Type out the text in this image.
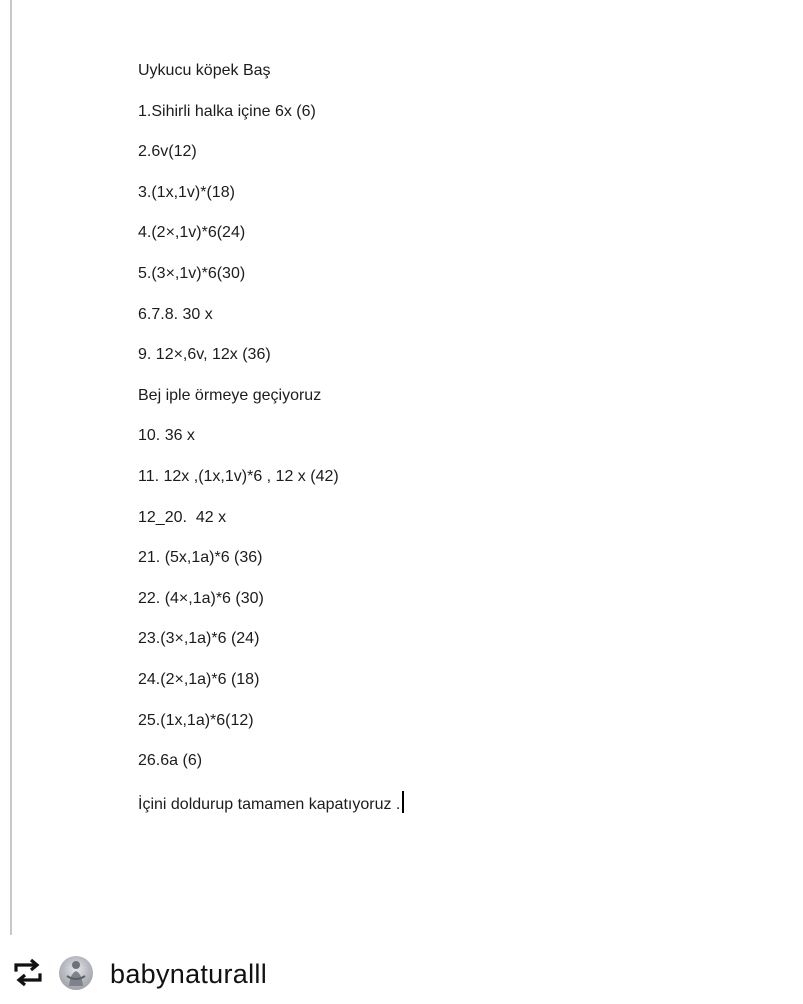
Uykucu köpek Baş
1.Sihirli halka içine 6x (6)
2.6v(12)
3.(1x,1v)*(18)
4.(2×,1v)*6(24)
5.(3×,1v)*6(30)
6.7.8. 30 x
9. 12×,6v, 12x (36)
Bej iple örmeye geçiyoruz
10. 36 x
11. 12x ,(1x,1v)*6 , 12 x (42)
12_20.  42 x
21. (5x,1a)*6 (36)
22. (4×,1a)*6 (30)
23.(3×,1a)*6 (24)
24.(2×,1a)*6 (18)
25.(1x,1a)*6(12)
26.6a (6)
İçini doldurup tamamen kapatıyoruz .
babynaturalll
